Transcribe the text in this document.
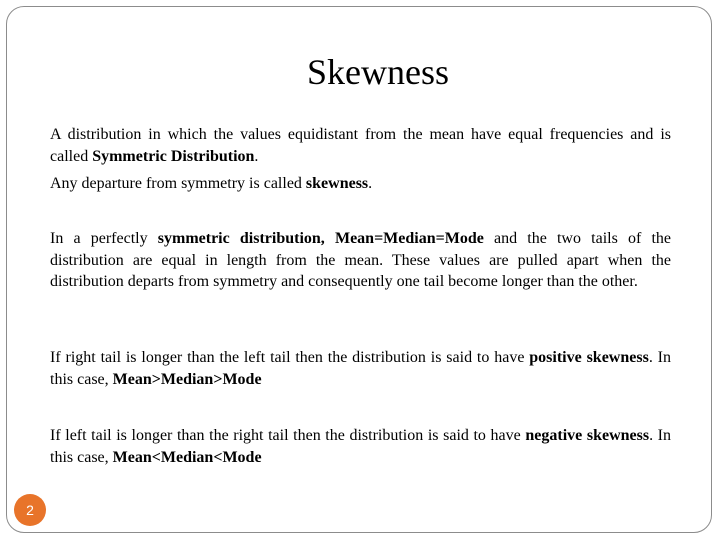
Skewness

A distribution in which the values equidistant from the mean have equal frequencies and is called Symmetric Distribution.

Any departure from symmetry is called skewness.

In a perfectly symmetric distribution, Mean=Median=Mode and the two tails of the distribution are equal in length from the mean. These values are pulled apart when the distribution departs from symmetry and consequently one tail become longer than the other.

If right tail is longer than the left tail then the distribution is said to have positive skewness. In this case, Mean>Median>Mode

If left tail is longer than the right tail then the distribution is said to have negative skewness. In this case, Mean<Median<Mode

2
